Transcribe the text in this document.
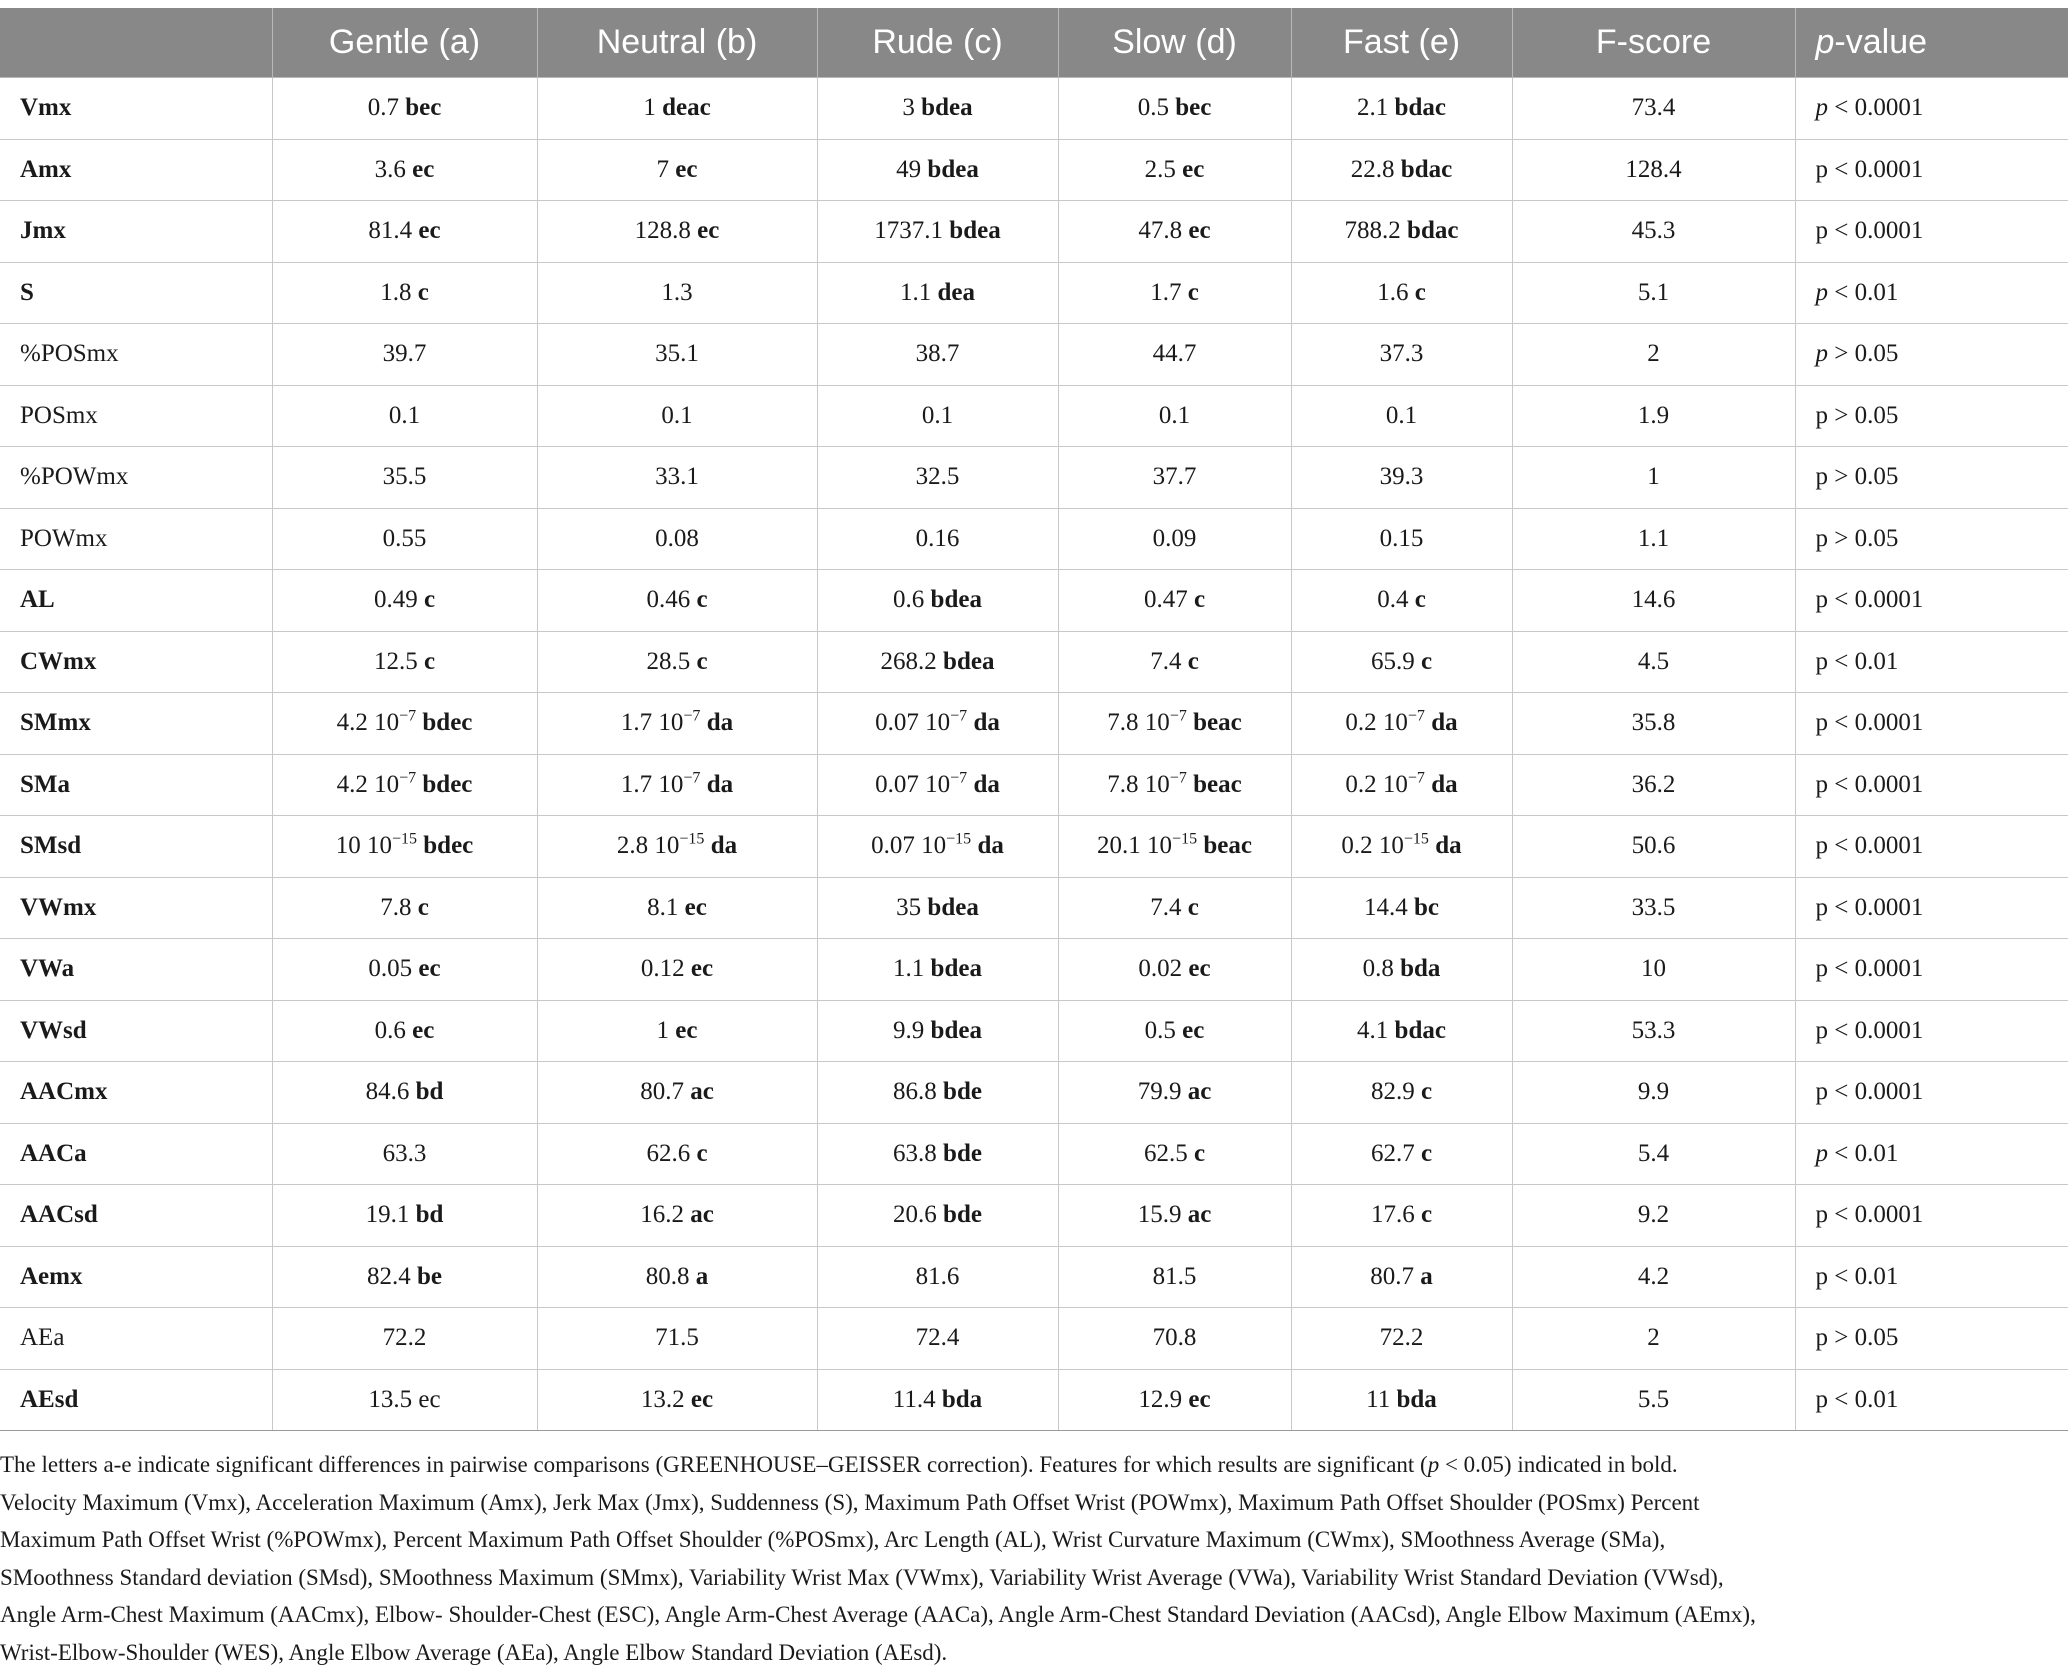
	Gentle (a)	Neutral (b)	Rude (c)	Slow (d)	Fast (e)	F-score	p-value
Vmx	0.7 bec	1 deac	3 bdea	0.5 bec	2.1 bdac	73.4	p < 0.0001
Amx	3.6 ec	7 ec	49 bdea	2.5 ec	22.8 bdac	128.4	p < 0.0001
Jmx	81.4 ec	128.8 ec	1737.1 bdea	47.8 ec	788.2 bdac	45.3	p < 0.0001
S	1.8 c	1.3	1.1 dea	1.7 c	1.6 c	5.1	p < 0.01
%POSmx	39.7	35.1	38.7	44.7	37.3	2	p > 0.05
POSmx	0.1	0.1	0.1	0.1	0.1	1.9	p > 0.05
%POWmx	35.5	33.1	32.5	37.7	39.3	1	p > 0.05
POWmx	0.55	0.08	0.16	0.09	0.15	1.1	p > 0.05
AL	0.49 c	0.46 c	0.6 bdea	0.47 c	0.4 c	14.6	p < 0.0001
CWmx	12.5 c	28.5 c	268.2 bdea	7.4 c	65.9 c	4.5	p < 0.01
SMmx	4.2 $10^{-7}$ bdec	1.7 $10^{-7}$ da	0.07 $10^{-7}$ da	7.8 $10^{-7}$ beac	0.2 $10^{-7}$ da	35.8	p < 0.0001
SMa	4.2 $10^{-7}$ bdec	1.7 $10^{-7}$ da	0.07 $10^{-7}$ da	7.8 $10^{-7}$ beac	0.2 $10^{-7}$ da	36.2	p < 0.0001
SMsd	10 $10^{-15}$ bdec	2.8 $10^{-15}$ da	0.07 $10^{-15}$ da	20.1 $10^{-15}$ beac	0.2 $10^{-15}$ da	50.6	p < 0.0001
VWmx	7.8 c	8.1 ec	35 bdea	7.4 c	14.4 bc	33.5	p < 0.0001
VWa	0.05 ec	0.12 ec	1.1 bdea	0.02 ec	0.8 bda	10	p < 0.0001
VWsd	0.6 ec	1 ec	9.9 bdea	0.5 ec	4.1 bdac	53.3	p < 0.0001
AACmx	84.6 bd	80.7 ac	86.8 bde	79.9 ac	82.9 c	9.9	p < 0.0001
AACa	63.3	62.6 c	63.8 bde	62.5 c	62.7 c	5.4	p < 0.01
AACsd	19.1 bd	16.2 ac	20.6 bde	15.9 ac	17.6 c	9.2	p < 0.0001
Aemx	82.4 be	80.8 a	81.6	81.5	80.7 a	4.2	p < 0.01
AEa	72.2	71.5	72.4	70.8	72.2	2	p > 0.05
AEsd	13.5 ec	13.2 ec	11.4 bda	12.9 ec	11 bda	5.5	p < 0.01

The letters a-e indicate significant differences in pairwise comparisons (GREENHOUSE–GEISSER correction). Features for which results are significant (p < 0.05) indicated in bold.

Velocity Maximum (Vmx), Acceleration Maximum (Amx), Jerk Max (Jmx), Suddenness (S), Maximum Path Offset Wrist (POWmx), Maximum Path Offset Shoulder (POSmx) Percent

Maximum Path Offset Wrist (%POWmx), Percent Maximum Path Offset Shoulder (%POSmx), Arc Length (AL), Wrist Curvature Maximum (CWmx), SMoothness Average (SMa),

SMoothness Standard deviation (SMsd), SMoothness Maximum (SMmx), Variability Wrist Max (VWmx), Variability Wrist Average (VWa), Variability Wrist Standard Deviation (VWsd),

Angle Arm-Chest Maximum (AACmx), Elbow- Shoulder-Chest (ESC), Angle Arm-Chest Average (AACa), Angle Arm-Chest Standard Deviation (AACsd), Angle Elbow Maximum (AEmx),

Wrist-Elbow-Shoulder (WES), Angle Elbow Average (AEa), Angle Elbow Standard Deviation (AEsd).
